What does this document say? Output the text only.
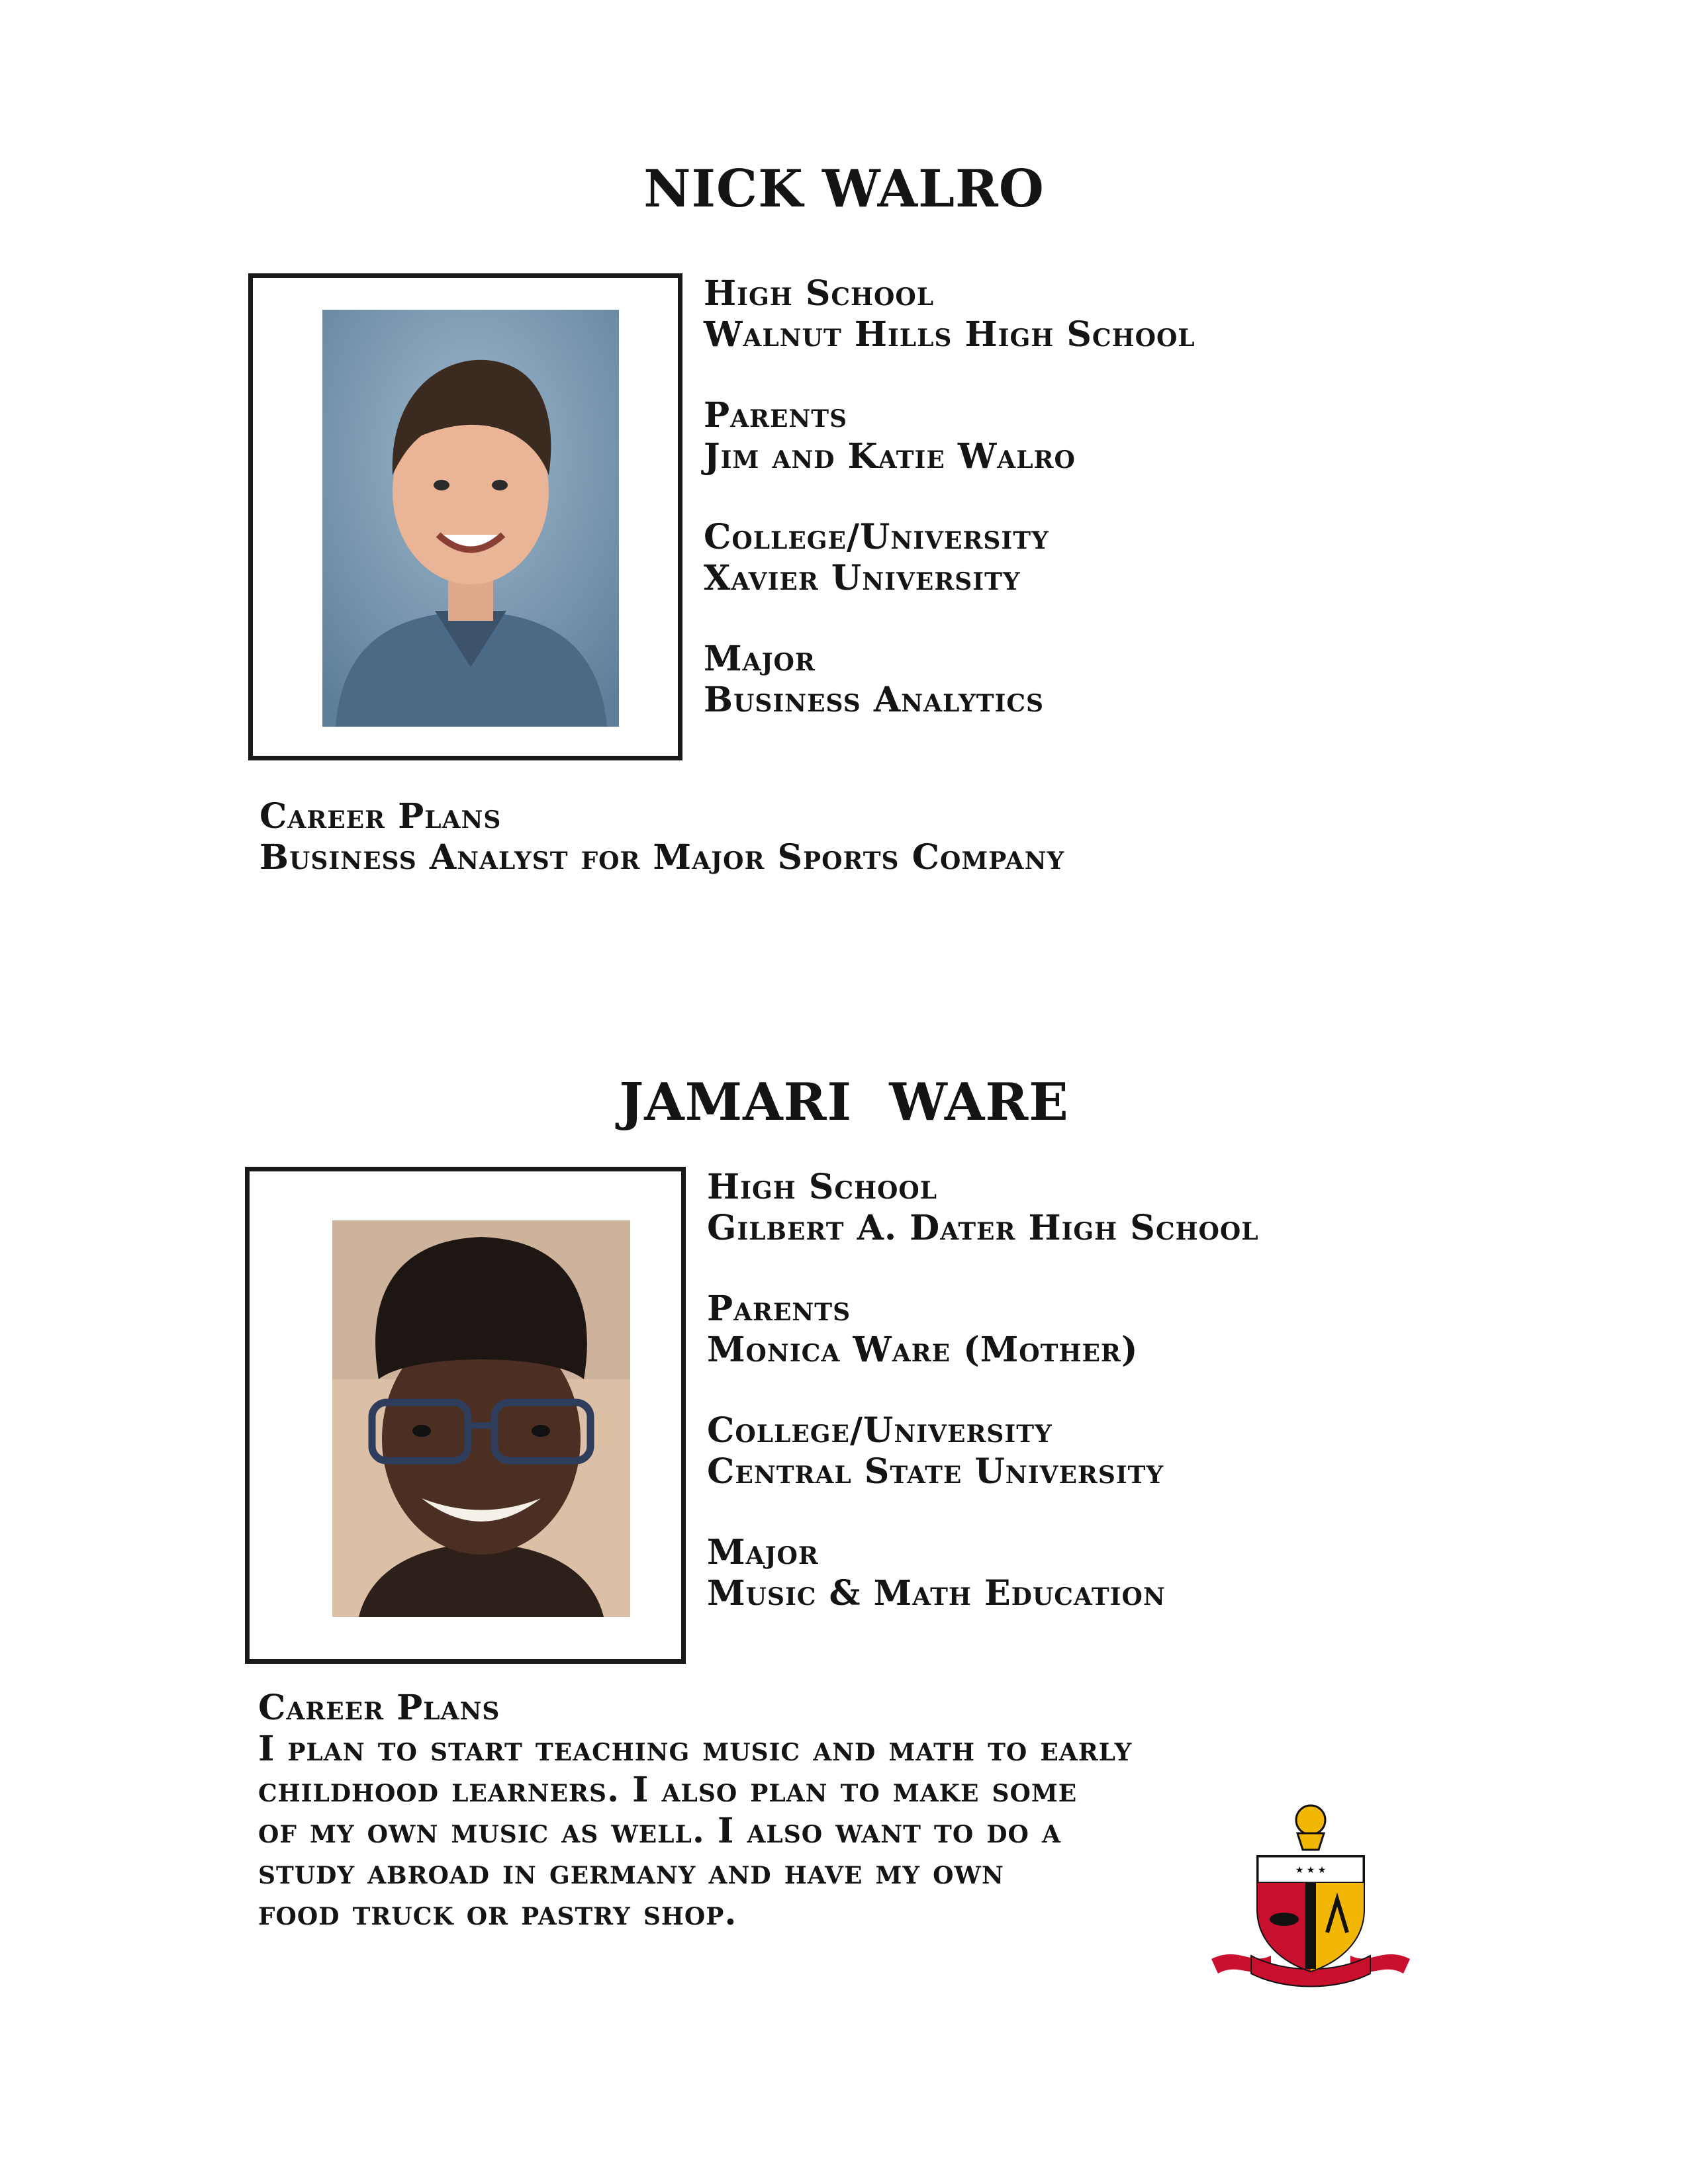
NICK WALRO
High School
Walnut Hills High School
Parents
Jim and Katie Walro
College/University
Xavier University
Major
Business Analytics
Career Plans
Business Analyst for Major Sports Company
JAMARI  WARE
High School
Gilbert A. Dater High School
Parents
Monica Ware (Mother)
College/University
Central State University
Major
Music & Math Education
Career Plans
I plan to start teaching music and math to early
childhood learners. I also plan to make some
of my own music as well. I also want to do a
study abroad in germany and have my own
food truck or pastry shop.
★ ★ ★
